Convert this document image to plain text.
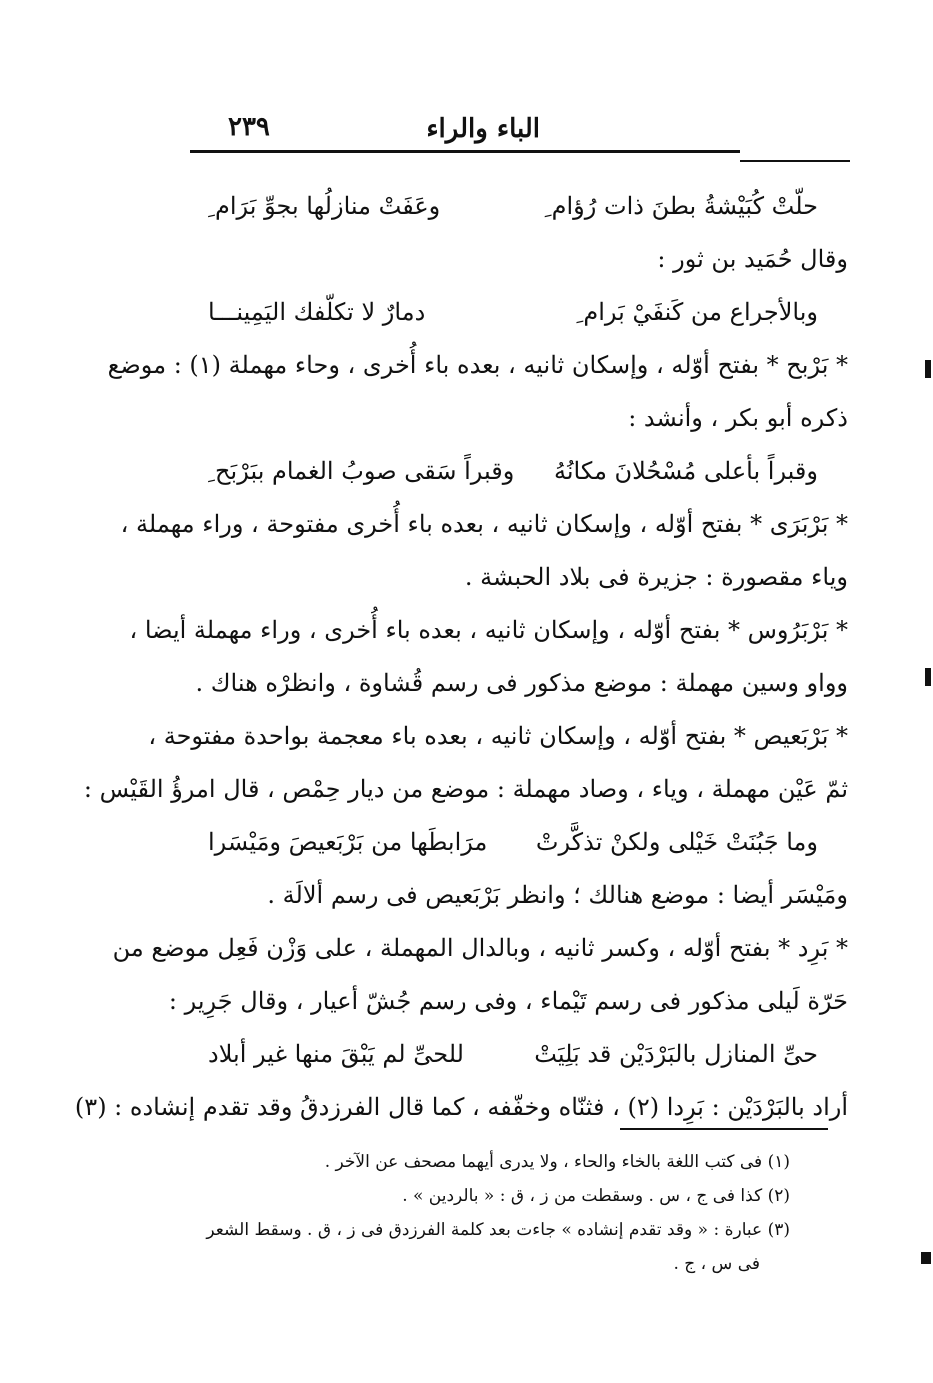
الباء والراء
٢٣٩
حلّتْ كُبَيْشةُ بطنَ ذات رُؤام ِ
وعَفَتْ منازلُها بجوِّ بَرَام ِ
وقال حُمَيد بن ثور :
وبالأجراع من كَنفَيْ بَرام ِ
دمارٌ لا تكلّفك اليَمِينـــا
* بَرْبح * بفتح أوّله ، وإسكان ثانيه ، بعده باء أُخرى ، وحاء مهملة (١) : موضع
ذكره أبو بكر ، وأنشد :
وقبراً بأعلى مُسْحُلانَ مكانُهُ
وقبراً سَقى صوبُ الغمام ببَرْبَح ِ
* بَرْبَرَى * بفتح أوّله ، وإسكان ثانيه ، بعده باء أُخرى مفتوحة ، وراء مهملة ،
وياء مقصورة : جزيرة فى بلاد الحبشة .
* بَرْبَرُوس * بفتح أوّله ، وإسكان ثانيه ، بعده باء أُخرى ، وراء مهملة أيضا ،
وواو وسين مهملة : موضع مذكور فى رسم قُشاوة ، وانظرْه هناك .
* بَرْبَعيص * بفتح أوّله ، وإسكان ثانيه ، بعده باء معجمة بواحدة مفتوحة ،
ثمّ عَيْن مهملة ، وياء ، وصاد مهملة : موضع من ديار حِمْص ، قال امرؤُ القَيْس :
وما جَبُنَتْ خَيْلى ولكنْ تذكَّرتْ
مرَابطَها من بَرْبَعيصَ ومَيْسَرا
ومَيْسَر أيضا : موضع هنالك ؛ وانظر بَرْبَعيص فى رسم ألالَة .
* بَرِد * بفتح أوّله ، وكسر ثانيه ، وبالدال المهملة ، على وَزْن فَعِل موضع من
حَرّة لَيلى مذكور فى رسم تَيْماء ، وفى رسم جُشّ أعيار ، وقال جَرِير :
حىِّ المنازل بالبَرْدَيْن قد بَلِيَتْ
للحىِّ لم يَبْقَ منها غير أبلاد
أراد بالبَرْدَيْن : بَرِدا (٢) ، فثنّاه وخفّفه ، كما قال الفرزدقُ وقد تقدم إنشاده : (٣)
(١) فى كتب اللغة بالخاء والحاء ، ولا يدرى أيهما مصحف عن الآخر .
(٢) كذا فى ج ، س . وسقطت من ز ، ق : « بالردين » .
(٣) عبارة : « وقد تقدم إنشاده » جاءت بعد كلمة الفرزدق فى ز ، ق . وسقط الشعر
فى س ، ج .
